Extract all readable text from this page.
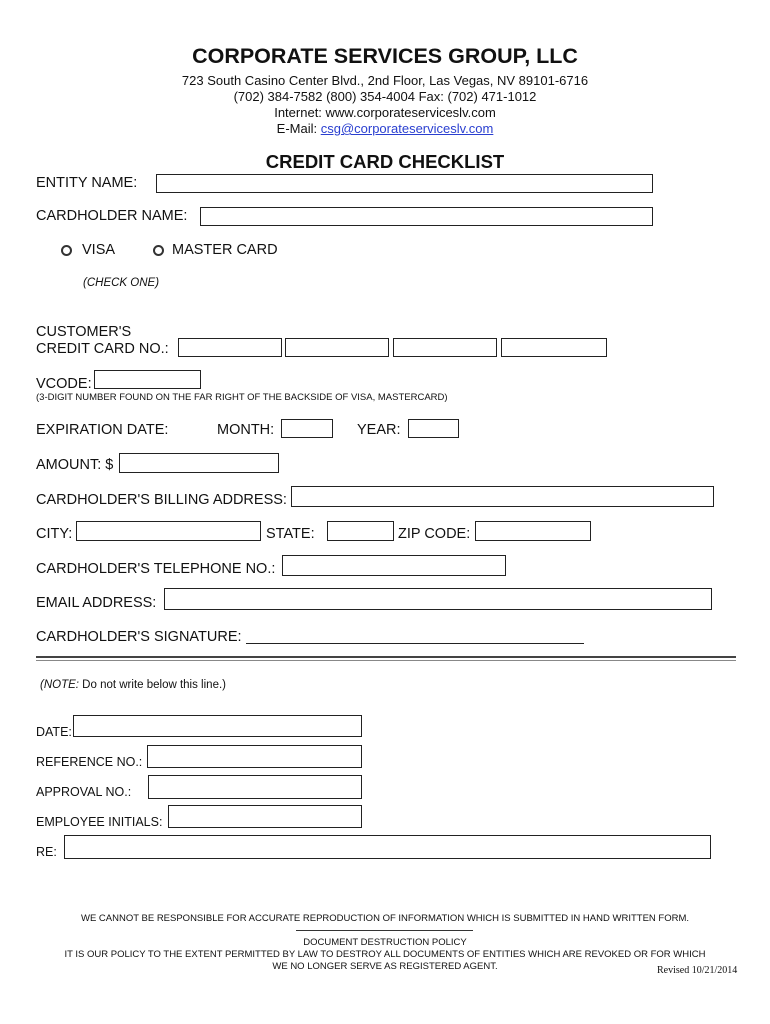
CORPORATE SERVICES GROUP, LLC
723 South Casino Center Blvd., 2nd Floor, Las Vegas, NV 89101-6716
(702) 384-7582 (800) 354-4004 Fax: (702) 471-1012
Internet: www.corporateserviceslv.com
E-Mail: csg@corporateserviceslv.com
CREDIT CARD CHECKLIST
ENTITY NAME:
CARDHOLDER NAME:
VISA	MASTER CARD
(CHECK ONE)
CUSTOMER'S
CREDIT CARD NO.:
VCODE:
(3-DIGIT NUMBER FOUND ON THE FAR RIGHT OF THE BACKSIDE OF VISA, MASTERCARD)
EXPIRATION DATE:	MONTH:	YEAR:
AMOUNT: $
CARDHOLDER'S BILLING ADDRESS:
CITY:	STATE:	ZIP CODE:
CARDHOLDER'S TELEPHONE NO.:
EMAIL ADDRESS:
CARDHOLDER'S SIGNATURE:
(NOTE: Do not write below this line.)
DATE:
REFERENCE NO.:
APPROVAL NO.:
EMPLOYEE INITIALS:
RE:
WE CANNOT BE RESPONSIBLE FOR ACCURATE REPRODUCTION OF INFORMATION WHICH IS SUBMITTED IN HAND WRITTEN FORM.
DOCUMENT DESTRUCTION POLICY
IT IS OUR POLICY TO THE EXTENT PERMITTED BY LAW TO DESTROY ALL DOCUMENTS OF ENTITIES WHICH ARE REVOKED OR FOR WHICH
WE NO LONGER SERVE AS REGISTERED AGENT.	Revised 10/21/2014
